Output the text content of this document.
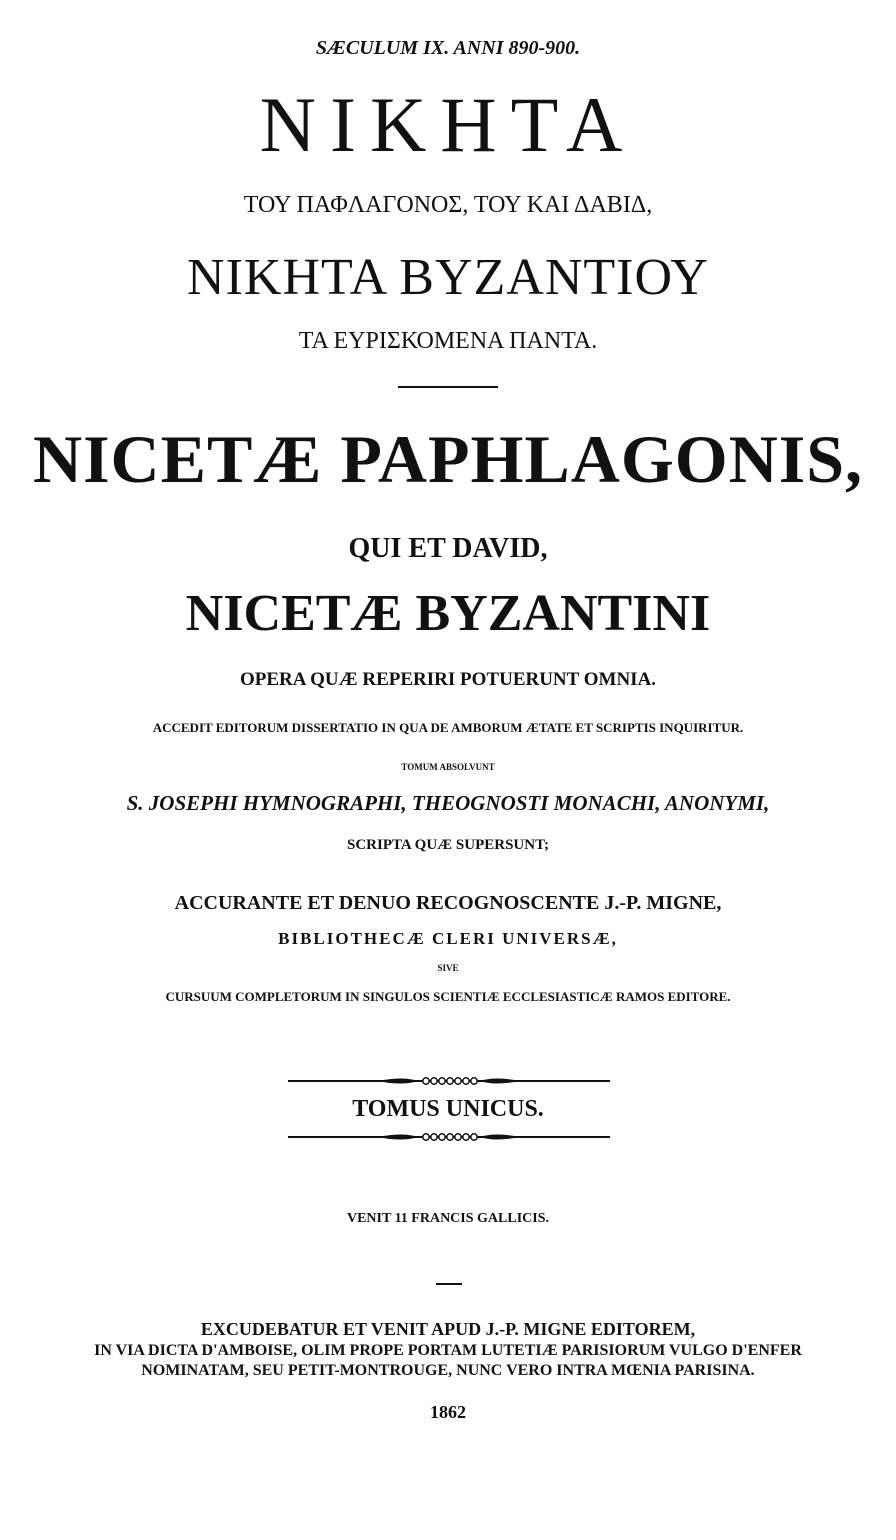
SÆCULUM IX. ANNI 890-900.
ΝΙΚΗΤΑ
ΤΟΥ ΠΑΦΛΑΓΟΝΟΣ, ΤΟΥ ΚΑΙ ΔΑΒΙΔ,
ΝΙΚΗΤΑ ΒΥΖΑΝΤΙΟΥ
ΤΑ ΕΥΡΙΣΚΟΜΕΝΑ ΠΑΝΤΑ.
NICETÆ PAPHLAGONIS,
QUI ET DAVID,
NICETÆ BYZANTINI
OPERA QUÆ REPERIRI POTUERUNT OMNIA.
ACCEDIT EDITORUM DISSERTATIO IN QUA DE AMBORUM ÆTATE ET SCRIPTIS INQUIRITUR.
TOMUM ABSOLVUNT
S. JOSEPHI HYMNOGRAPHI, THEOGNOSTI MONACHI, ANONYMI,
SCRIPTA QUÆ SUPERSUNT;
ACCURANTE ET DENUO RECOGNOSCENTE J.-P. MIGNE,
BIBLIOTHECÆ CLERI UNIVERSÆ,
SIVE
CURSUUM COMPLETORUM IN SINGULOS SCIENTIÆ ECCLESIASTICÆ RAMOS EDITORE.
TOMUS UNICUS.
VENIT 11 FRANCIS GALLICIS.
EXCUDEBATUR ET VENIT APUD J.-P. MIGNE EDITOREM,
IN VIA DICTA D'AMBOISE, OLIM PROPE PORTAM LUTETIÆ PARISIORUM VULGO D'ENFER
NOMINATAM, SEU PETIT-MONTROUGE, NUNC VERO INTRA MŒNIA PARISINA.
1862
